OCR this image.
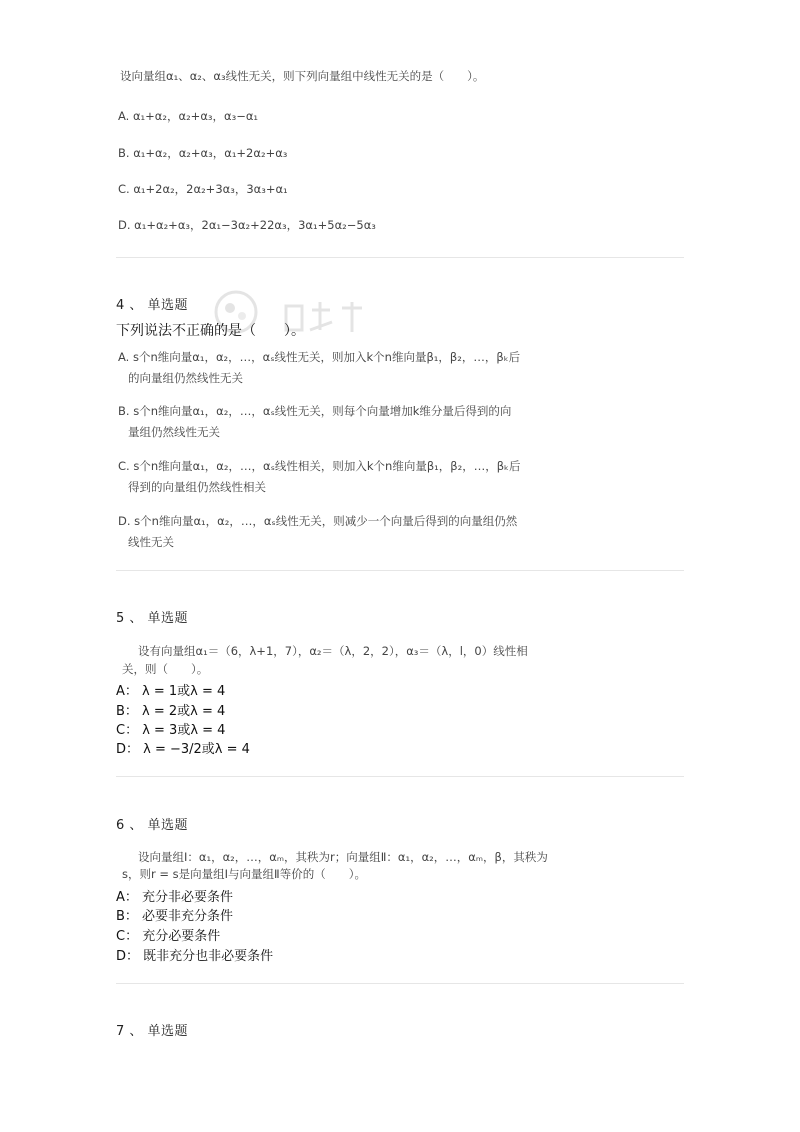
设向量组α₁、α₂、α₃线性无关，则下列向量组中线性无关的是（　　）。
A. α₁+α₂，α₂+α₃，α₃−α₁
B. α₁+α₂，α₂+α₃，α₁+2α₂+α₃
C. α₁+2α₂，2α₂+3α₃，3α₃+α₁
D. α₁+α₂+α₃，2α₁−3α₂+22α₃，3α₁+5α₂−5α₃
4 、 单选题
下列说法不正确的是（　　）。
A. s个n维向量α₁，α₂，…，αₛ线性无关，则加入k个n维向量β₁，β₂，…，βₖ后
的向量组仍然线性无关
B. s个n维向量α₁，α₂，…，αₛ线性无关，则每个向量增加k维分量后得到的向
量组仍然线性无关
C. s个n维向量α₁，α₂，…，αₛ线性相关，则加入k个n维向量β₁，β₂，…，βₖ后
得到的向量组仍然线性相关
D. s个n维向量α₁，α₂，…，αₛ线性无关，则减少一个向量后得到的向量组仍然
线性无关
5 、 单选题
设有向量组α₁＝（6，λ+1，7），α₂＝（λ，2，2），α₃＝（λ，l，0）线性相
关，则（　　）。
A： λ = 1或λ = 4
B： λ = 2或λ = 4
C： λ = 3或λ = 4
D： λ = −3/2或λ = 4
6 、 单选题
设向量组Ⅰ：α₁，α₂，…，αₘ，其秩为r；向量组Ⅱ：α₁，α₂，…，αₘ，β，其秩为
s，则r = s是向量组Ⅰ与向量组Ⅱ等价的（　　）。
A： 充分非必要条件
B： 必要非充分条件
C： 充分必要条件
D： 既非充分也非必要条件
7 、 单选题
